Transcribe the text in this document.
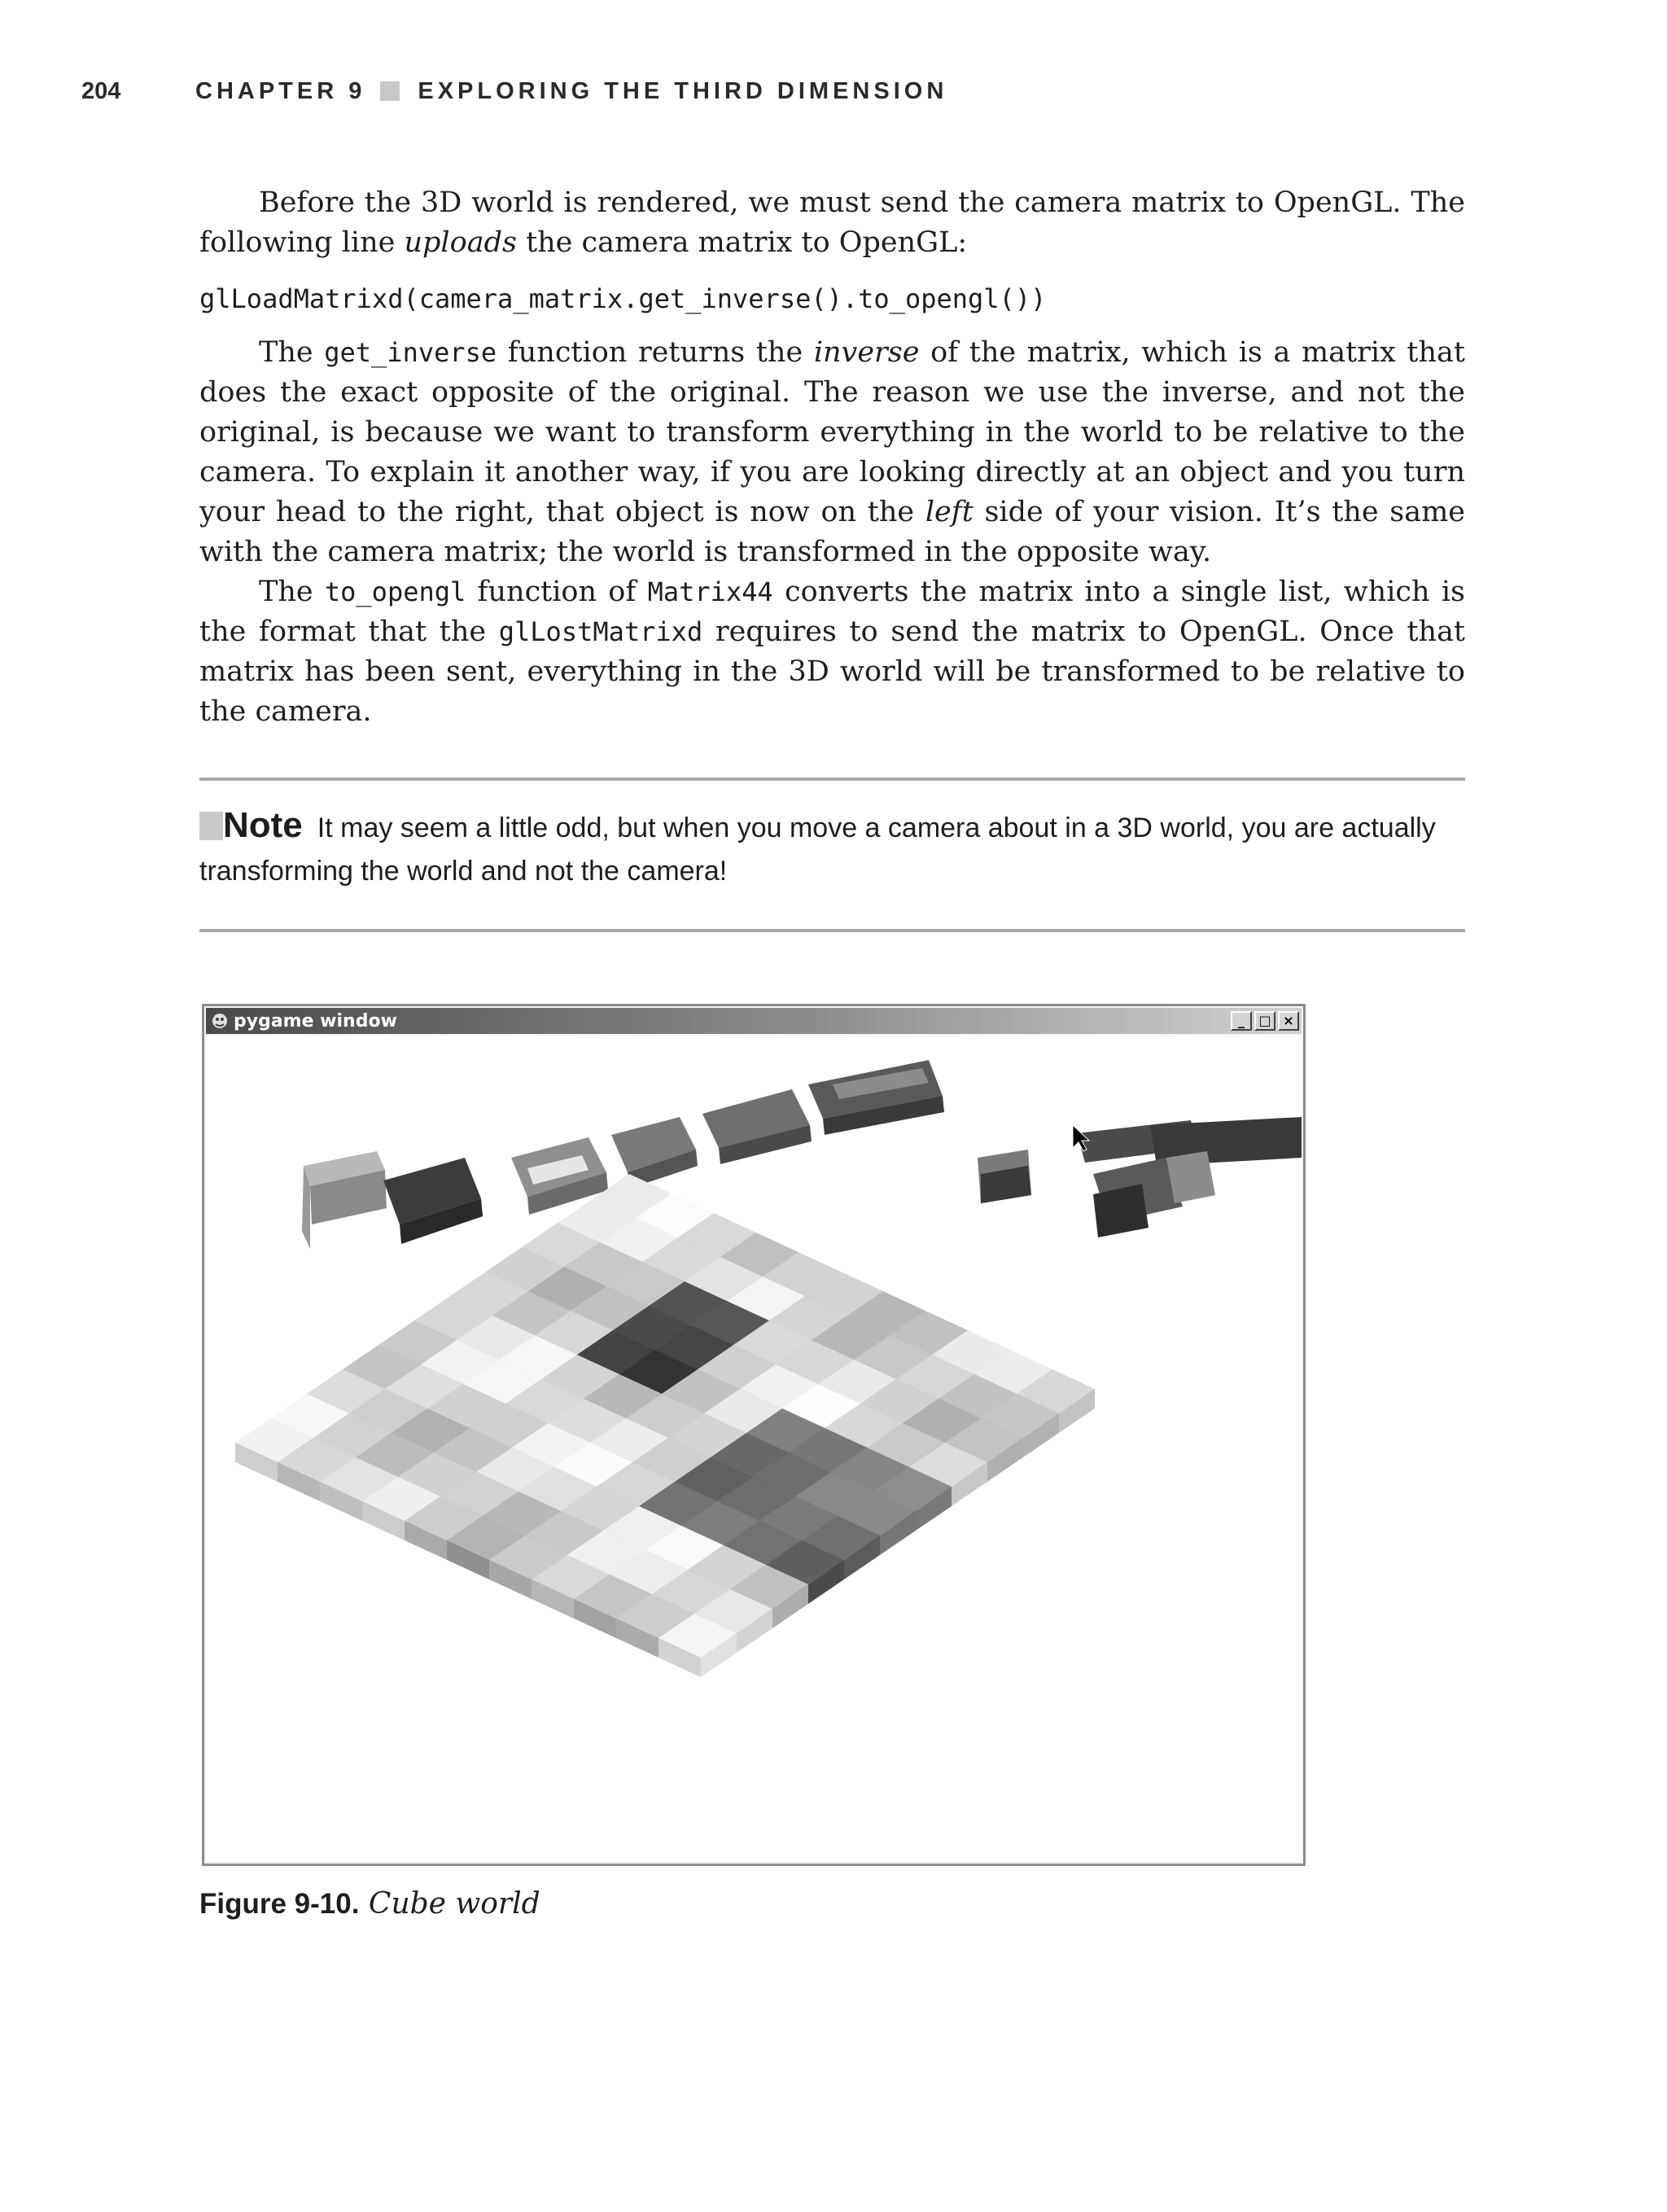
204	CHAPTER 9 EXPLORING THE THIRD DIMENSION

Before the 3D world is rendered, we must send the camera matrix to OpenGL. The following line uploads the camera matrix to OpenGL:

glLoadMatrixd(camera_matrix.get_inverse().to_opengl())

The get_inverse function returns the inverse of the matrix, which is a matrix that does the exact opposite of the original. The reason we use the inverse, and not the original, is because we want to transform everything in the world to be relative to the camera. To explain it another way, if you are looking directly at an object and you turn your head to the right, that object is now on the left side of your vision. It’s the same with the camera matrix; the world is transformed in the opposite way.

The to_opengl function of Matrix44 converts the matrix into a single list, which is the format that the glLostMatrixd requires to send the matrix to OpenGL. Once that matrix has been sent, everything in the 3D world will be transformed to be relative to the camera.

Note It may seem a little odd, but when you move a camera about in a 3D world, you are actually transforming the world and not the camera!
pygame window	_	□ ×
Figure 9-10. Cube world
